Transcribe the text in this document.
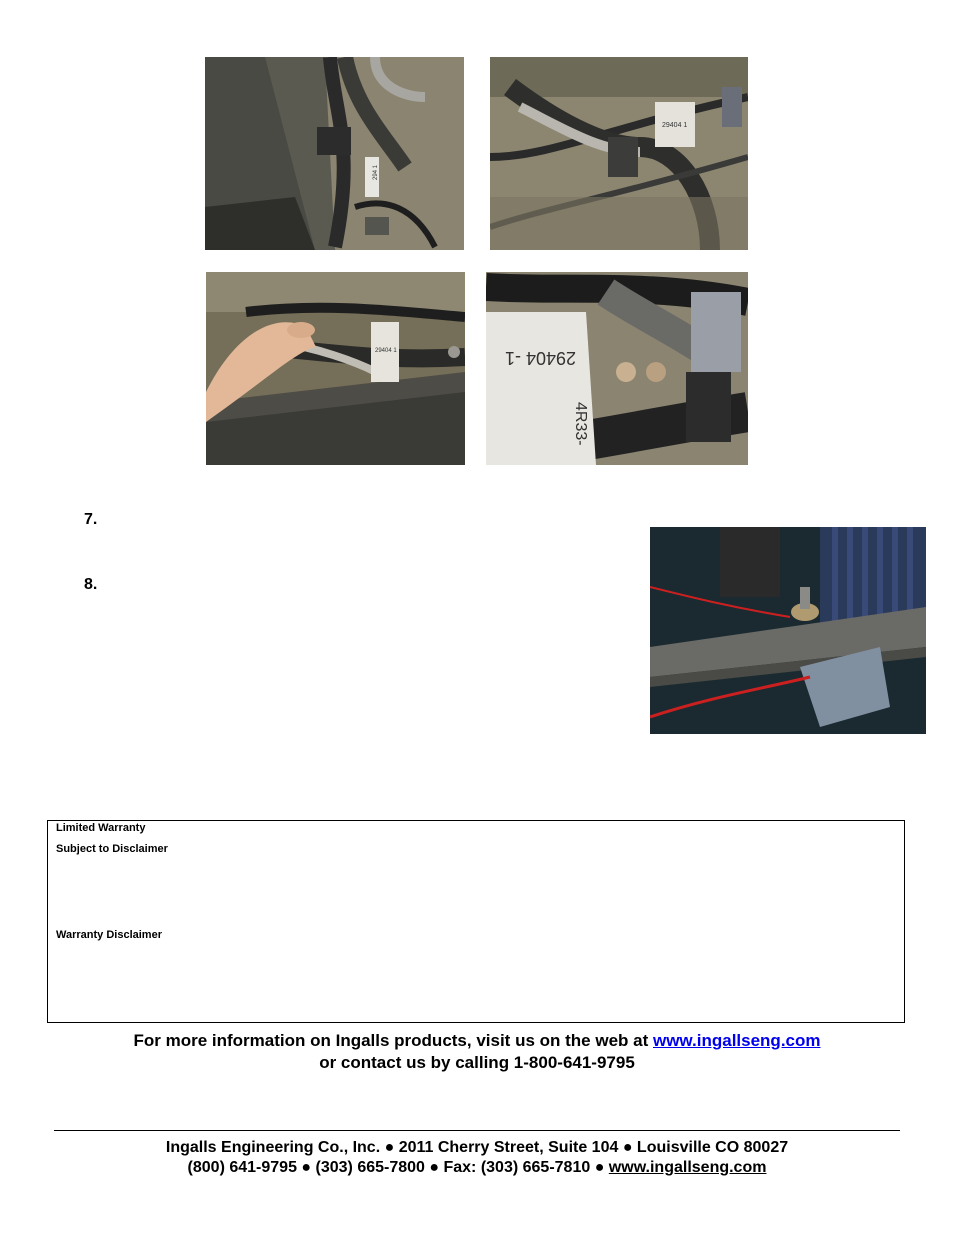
294 1
29404 1
29404 1	29404 -1
4R33-
7.
8.
Limited Warranty
Subject to Disclaimer
Warranty Disclaimer
For more information on Ingalls products, visit us on the web at www.ingallseng.com
or contact us by calling 1-800-641-9795
Ingalls Engineering Co., Inc. ● 2011 Cherry Street, Suite 104 ● Louisville CO 80027
(800) 641-9795 ● (303) 665-7800 ● Fax: (303) 665-7810 ● www.ingallseng.com
